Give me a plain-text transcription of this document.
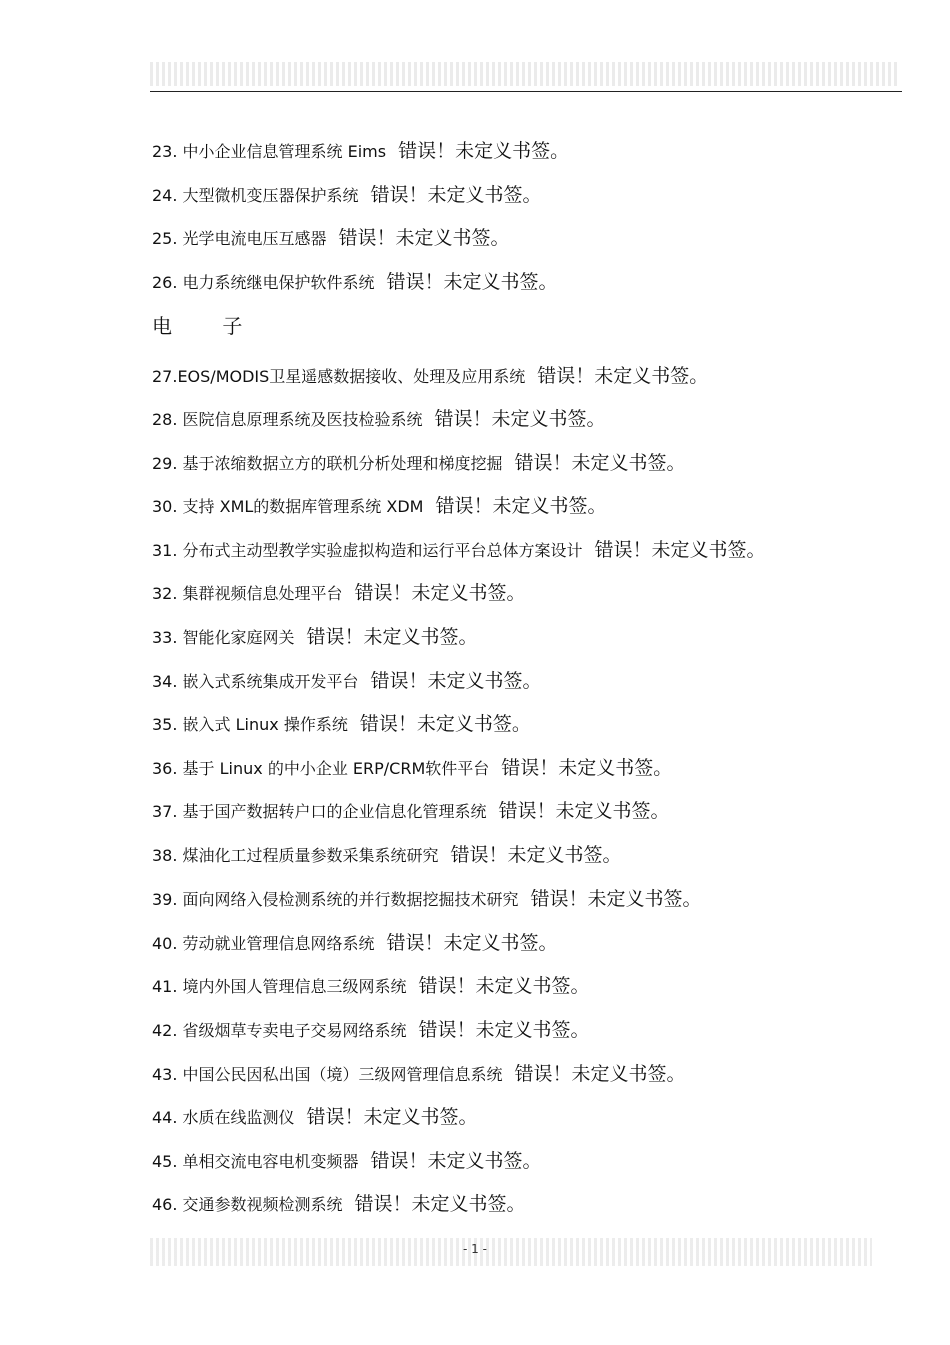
23. 中小企业信息管理系统 Eims 错误！未定义书签。
24. 大型微机变压器保护系统 错误！未定义书签。
25. 光学电流电压互感器 错误！未定义书签。
26. 电力系统继电保护软件系统 错误！未定义书签。
电 子
27.EOS/MODIS卫星遥感数据接收、处理及应用系统 错误！未定义书签。
28. 医院信息原理系统及医技检验系统 错误！未定义书签。
29. 基于浓缩数据立方的联机分析处理和梯度挖掘 错误！未定义书签。
30. 支持 XML的数据库管理系统 XDM 错误！未定义书签。
31. 分布式主动型教学实验虚拟构造和运行平台总体方案设计 错误！未定义书签。
32. 集群视频信息处理平台 错误！未定义书签。
33. 智能化家庭网关 错误！未定义书签。
34. 嵌入式系统集成开发平台 错误！未定义书签。
35. 嵌入式 Linux 操作系统 错误！未定义书签。
36. 基于 Linux 的中小企业 ERP/CRM软件平台 错误！未定义书签。
37. 基于国产数据转户口的企业信息化管理系统 错误！未定义书签。
38. 煤油化工过程质量参数采集系统研究 错误！未定义书签。
39. 面向网络入侵检测系统的并行数据挖掘技术研究 错误！未定义书签。
40. 劳动就业管理信息网络系统 错误！未定义书签。
41. 境内外国人管理信息三级网系统 错误！未定义书签。
42. 省级烟草专卖电子交易网络系统 错误！未定义书签。
43. 中国公民因私出国（境）三级网管理信息系统 错误！未定义书签。
44. 水质在线监测仪 错误！未定义书签。
45. 单相交流电容电机变频器 错误！未定义书签。
46. 交通参数视频检测系统 错误！未定义书签。
- 1 -
